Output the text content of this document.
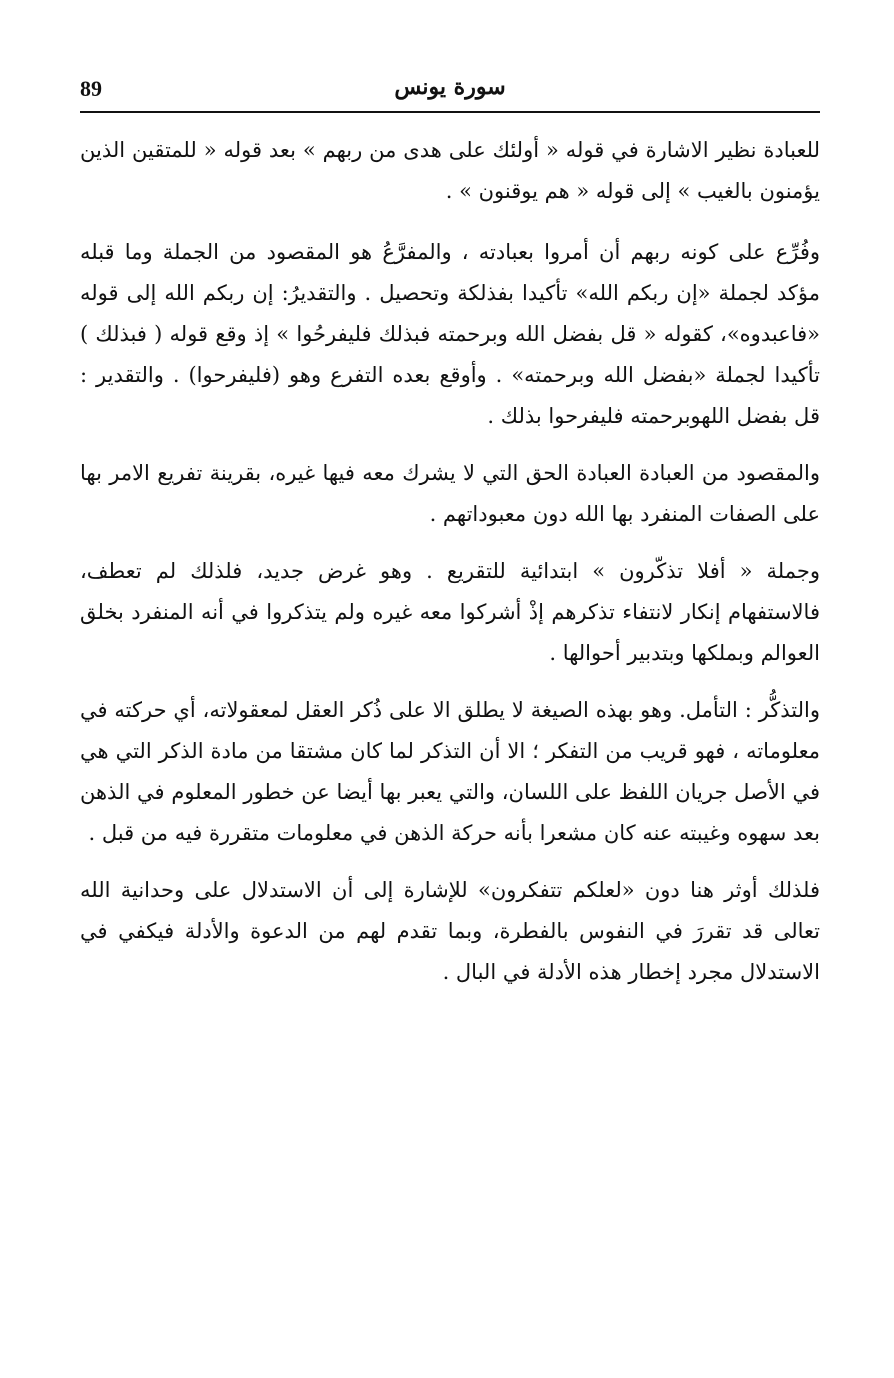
89	سورة يونس

للعبادة نظير الاشارة في قوله « أولئك على هدى من ربهم » بعد قوله « للمتقين الذين يؤمنون بالغيب » إلى قوله « هم يوقنون » .

وفُرِّع على كونه ربهم أن أمروا بعبادته ، والمفرَّعُ هو المقصود من الجملة وما قبله مؤكد لجملة «إن ربكم الله» تأكيدا بفذلكة وتحصيل . والتقديرُ: إن ربكم الله إلى قوله «فاعبدوه»، كقوله « قل بفضل الله وبرحمته فبذلك فليفرحُوا » إذ وقع قوله ( فبذلك ) تأكيدا لجملة «بفضل الله وبرحمته» . وأوقع بعده التفرع وهو (فليفرحوا) . والتقدير : قل بفضل اللهوبرحمته فليفرحوا بذلك .

والمقصود من العبادة العبادة الحق التي لا يشرك معه فيها غيره، بقرينة تفريع الامر بها على الصفات المنفرد بها الله دون معبوداتهم .

وجملة « أفلا تذكّرون » ابتدائية للتقريع . وهو غرض جديد، فلذلك لم تعطف، فالاستفهام إنكار لانتفاء تذكرهم إذْ أشركوا معه غيره ولم يتذكروا في أنه المنفرد بخلق العوالم وبملكها وبتدبير أحوالها .

والتذكُّر : التأمل. وهو بهذه الصيغة لا يطلق الا على ذُكر العقل لمعقولاته، أي حركته في معلوماته ، فهو قريب من التفكر ؛ الا أن التذكر لما كان مشتقا من مادة الذكر التي هي في الأصل جريان اللفظ على اللسان، والتي يعبر بها أيضا عن خطور المعلوم في الذهن بعد سهوه وغيبته عنه كان مشعرا بأنه حركة الذهن في معلومات متقررة فيه من قبل .

فلذلك أوثر هنا دون «لعلكم تتفكرون» للإشارة إلى أن الاستدلال على وحدانية الله تعالى قد تقررَ في النفوس بالفطرة، وبما تقدم لهم من الدعوة والأدلة فيكفي في الاستدلال مجرد إخطار هذه الأدلة في البال .
